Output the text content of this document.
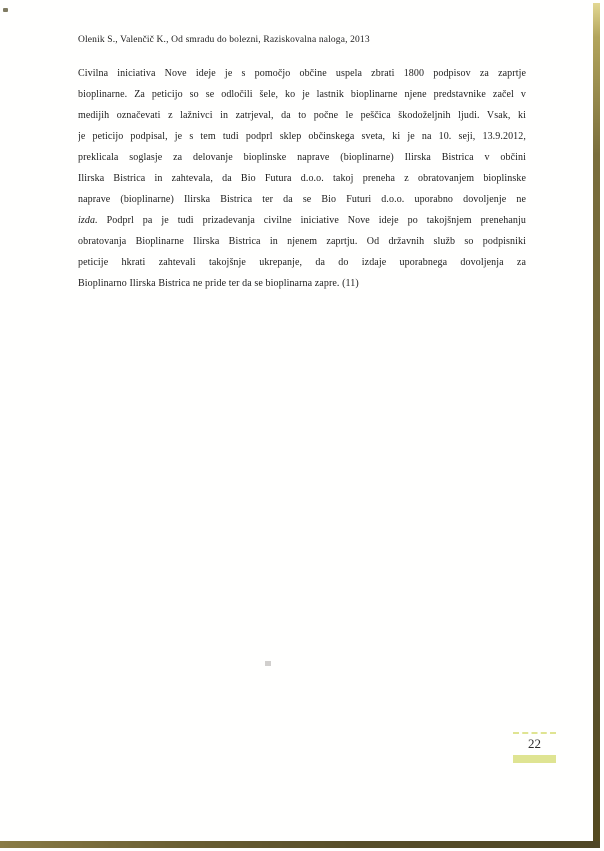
Olenik S., Valenčič K., Od smradu do bolezni, Raziskovalna naloga, 2013
Civilna iniciativa Nove ideje je s pomočjo občine uspela zbrati 1800 podpisov za zaprtje
bioplinarne. Za peticijo so se odločili šele, ko je lastnik bioplinarne njene predstavnike začel v
medijih označevati z lažnivci in zatrjeval, da to počne le peščica škodoželjnih ljudi. Vsak, ki
je peticijo podpisal, je s tem tudi podprl sklep občinskega sveta, ki je na 10. seji, 13.9.2012,
preklicala soglasje za delovanje bioplinske naprave (bioplinarne) Ilirska Bistrica v občini
Ilirska Bistrica in zahtevala, da Bio Futura d.o.o. takoj preneha z obratovanjem bioplinske
naprave (bioplinarne) Ilirska Bistrica ter da se Bio Futuri d.o.o. uporabno dovoljenje ne
izda. Podprl pa je tudi prizadevanja civilne iniciative Nove ideje po takojšnjem prenehanju
obratovanja Bioplinarne Ilirska Bistrica in njenem zaprtju. Od državnih služb so podpisniki
peticije hkrati zahtevali takojšnje ukrepanje, da do izdaje uporabnega dovoljenja za
Bioplinarno Ilirska Bistrica ne pride ter da se bioplinarna zapre. (11)
22
